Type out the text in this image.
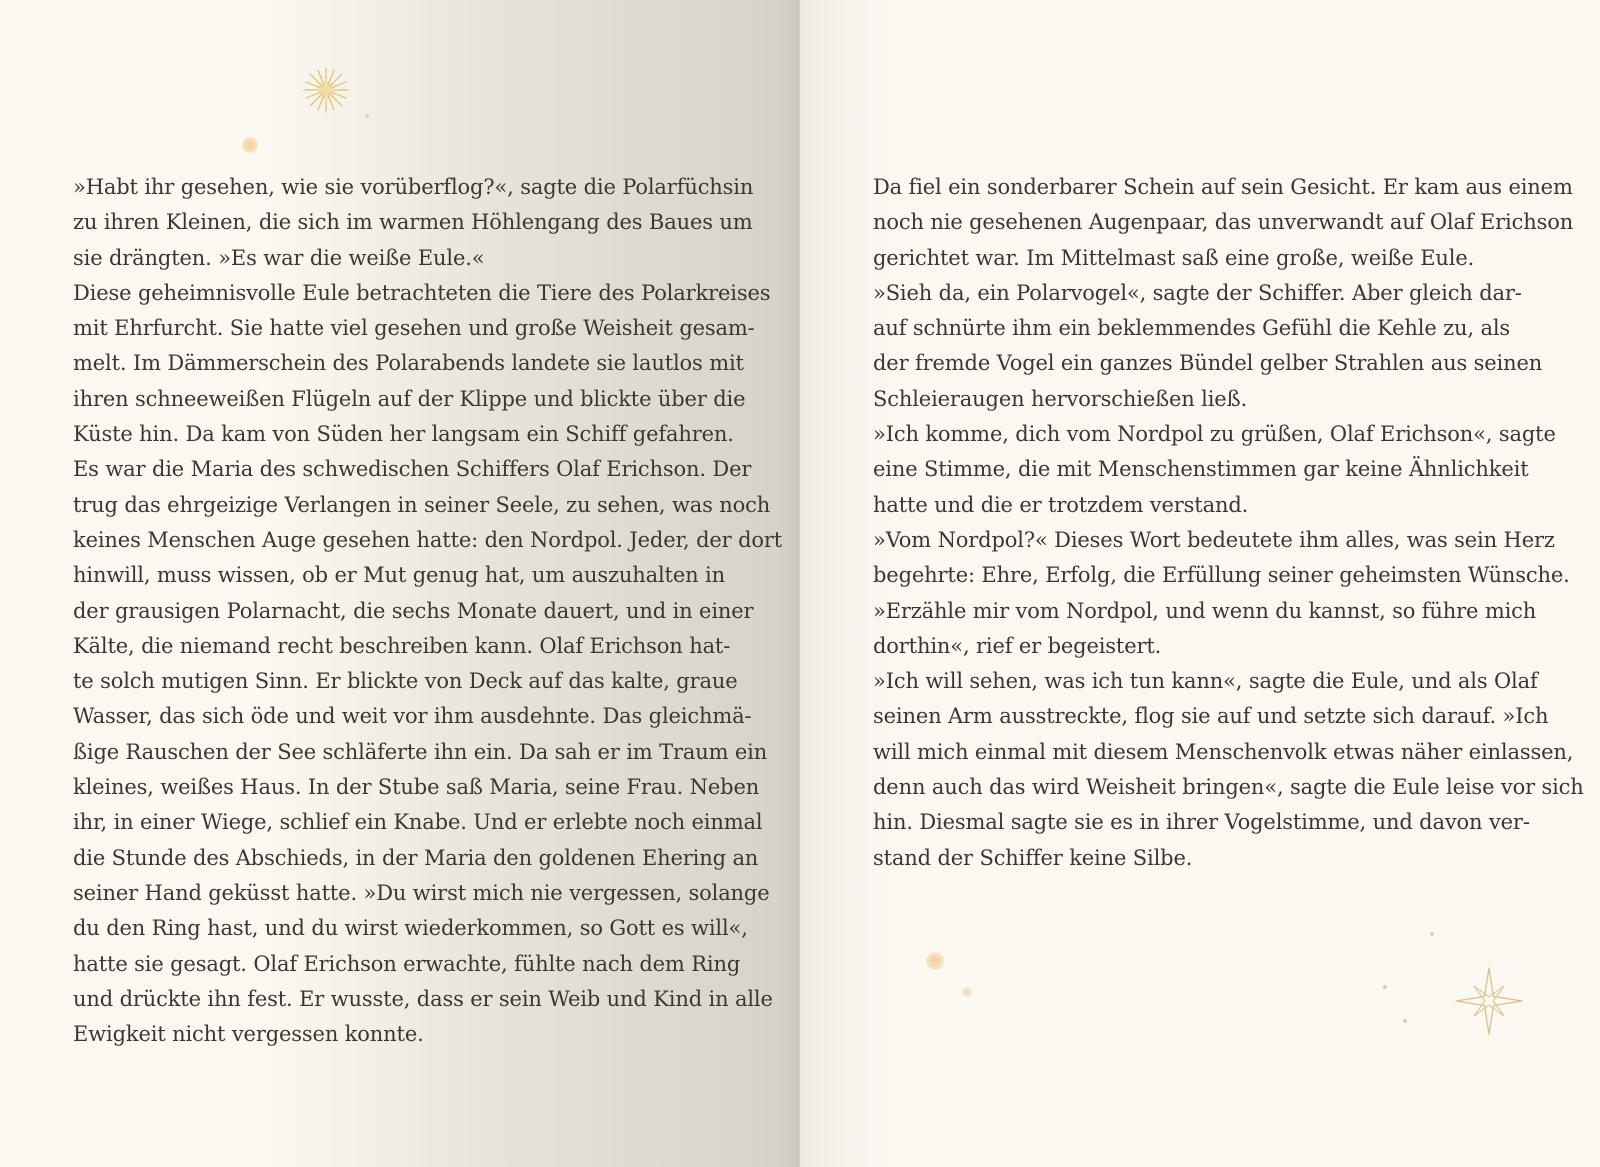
»Habt ihr gesehen, wie sie vorüberflog?«, sagte die Polarfüchsin
zu ihren Kleinen, die sich im warmen Höhlengang des Baues um
sie drängten. »Es war die weiße Eule.«
Diese geheimnisvolle Eule betrachteten die Tiere des Polarkreises
mit Ehrfurcht. Sie hatte viel gesehen und große Weisheit gesam-
melt. Im Dämmerschein des Polarabends landete sie lautlos mit
ihren schneeweißen Flügeln auf der Klippe und blickte über die
Küste hin. Da kam von Süden her langsam ein Schiff gefahren.
Es war die Maria des schwedischen Schiffers Olaf Erichson. Der
trug das ehrgeizige Verlangen in seiner Seele, zu sehen, was noch
keines Menschen Auge gesehen hatte: den Nordpol. Jeder, der dort
hinwill, muss wissen, ob er Mut genug hat, um auszuhalten in
der grausigen Polarnacht, die sechs Monate dauert, und in einer
Kälte, die niemand recht beschreiben kann. Olaf Erichson hat-
te solch mutigen Sinn. Er blickte von Deck auf das kalte, graue
Wasser, das sich öde und weit vor ihm ausdehnte. Das gleichmä-
ßige Rauschen der See schläferte ihn ein. Da sah er im Traum ein
kleines, weißes Haus. In der Stube saß Maria, seine Frau. Neben
ihr, in einer Wiege, schlief ein Knabe. Und er erlebte noch einmal
die Stunde des Abschieds, in der Maria den goldenen Ehering an
seiner Hand geküsst hatte. »Du wirst mich nie vergessen, solange
du den Ring hast, und du wirst wiederkommen, so Gott es will«,
hatte sie gesagt. Olaf Erichson erwachte, fühlte nach dem Ring
und drückte ihn fest. Er wusste, dass er sein Weib und Kind in alle
Ewigkeit nicht vergessen konnte.
Da fiel ein sonderbarer Schein auf sein Gesicht. Er kam aus einem
noch nie gesehenen Augenpaar, das unverwandt auf Olaf Erichson
gerichtet war. Im Mittelmast saß eine große, weiße Eule.
»Sieh da, ein Polarvogel«, sagte der Schiffer. Aber gleich dar-
auf schnürte ihm ein beklemmendes Gefühl die Kehle zu, als
der fremde Vogel ein ganzes Bündel gelber Strahlen aus seinen
Schleieraugen hervorschießen ließ.
»Ich komme, dich vom Nordpol zu grüßen, Olaf Erichson«, sagte
eine Stimme, die mit Menschenstimmen gar keine Ähnlichkeit
hatte und die er trotzdem verstand.
»Vom Nordpol?« Dieses Wort bedeutete ihm alles, was sein Herz
begehrte: Ehre, Erfolg, die Erfüllung seiner geheimsten Wünsche.
»Erzähle mir vom Nordpol, und wenn du kannst, so führe mich
dorthin«, rief er begeistert.
»Ich will sehen, was ich tun kann«, sagte die Eule, und als Olaf
seinen Arm ausstreckte, flog sie auf und setzte sich darauf. »Ich
will mich einmal mit diesem Menschenvolk etwas näher einlassen,
denn auch das wird Weisheit bringen«, sagte die Eule leise vor sich
hin. Diesmal sagte sie es in ihrer Vogelstimme, und davon ver-
stand der Schiffer keine Silbe.
